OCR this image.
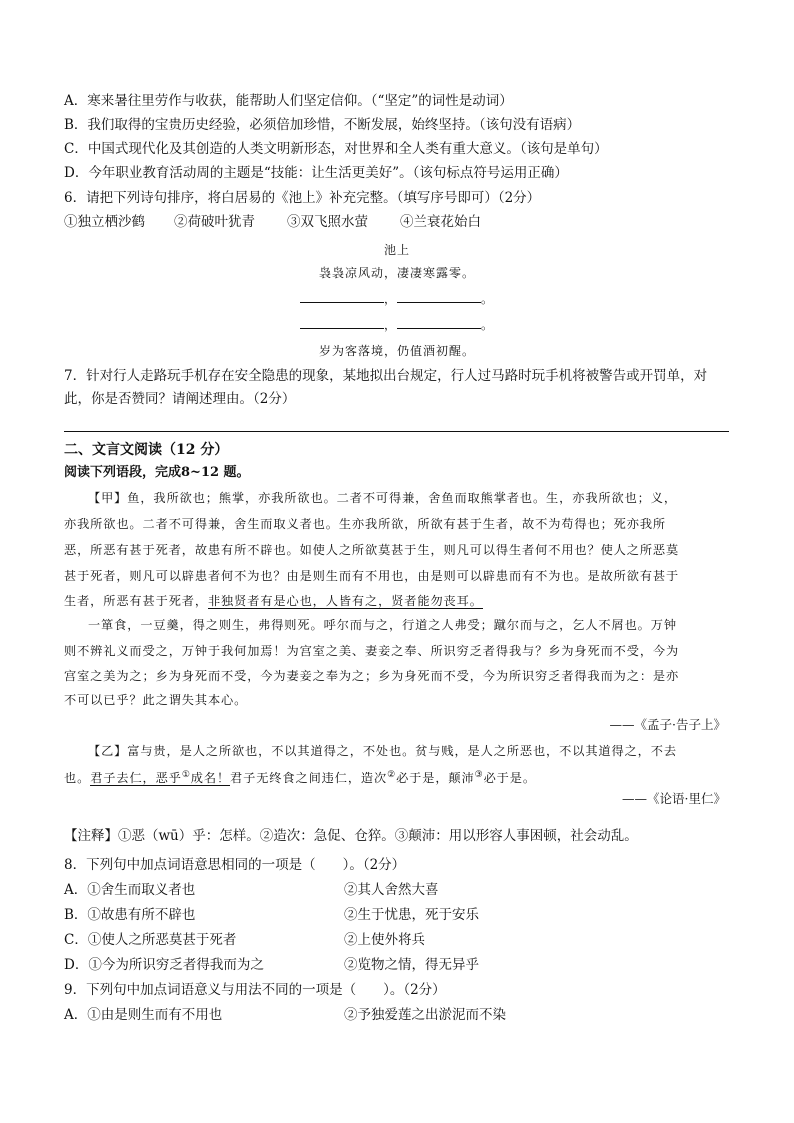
A．寒来暑往里劳作与收获，能帮助人们坚定信仰。（“坚定”的词性是动词）
B．我们取得的宝贵历史经验，必须倍加珍惜，不断发展，始终坚持。（该句没有语病）
C．中国式现代化及其创造的人类文明新形态，对世界和全人类有重大意义。（该句是单句）
D．今年职业教育活动周的主题是“技能：让生活更美好”。（该句标点符号运用正确）
6．请把下列诗句排序，将白居易的《池上》补充完整。（填写序号即可）（2分）
①独立栖沙鹤 ②荷破叶犹青 ③双飞照水萤 ④兰衰花始白
池上
袅袅凉风动，凄凄寒露零。
，	。
，	。
岁为客落境，仍值酒初醒。
7．针对行人走路玩手机存在安全隐患的现象，某地拟出台规定，行人过马路时玩手机将被警告或开罚单，对
此，你是否赞同？请阐述理由。（2分）
二、文言文阅读（12 分）
阅读下列语段，完成8~12 题。
【甲】鱼，我所欲也；熊掌，亦我所欲也。二者不可得兼，舍鱼而取熊掌者也。生，亦我所欲也；义，
亦我所欲也。二者不可得兼，舍生而取义者也。生亦我所欲，所欲有甚于生者，故不为苟得也；死亦我所
恶，所恶有甚于死者，故患有所不辟也。如使人之所欲莫甚于生，则凡可以得生者何不用也？使人之所恶莫
甚于死者，则凡可以辟患者何不为也？由是则生而有不用也，由是则可以辟患而有不为也。是故所欲有甚于
生者，所恶有甚于死者，非独贤者有是心也，人皆有之，贤者能勿丧耳。
一箪食，一豆羹，得之则生，弗得则死。呼尔而与之，行道之人弗受；蹴尔而与之，乞人不屑也。万钟
则不辨礼义而受之，万钟于我何加焉！为宫室之美、妻妾之奉、所识穷乏者得我与？乡为身死而不受，今为
宫室之美为之；乡为身死而不受，今为妻妾之奉为之；乡为身死而不受，今为所识穷乏者得我而为之：是亦
不可以已乎？此之谓失其本心。
——《孟子·告子上》
【乙】富与贵，是人之所欲也，不以其道得之，不处也。贫与贱，是人之所恶也，不以其道得之，不去
也。君子去仁，恶乎①成名！君子无终食之间违仁，造次②必于是，颠沛③必于是。
——《论语·里仁》
【注释】①恶（wū）乎：怎样。②造次：急促、仓猝。③颠沛：用以形容人事困顿，社会动乱。
8．下列句中加点词语意思相同的一项是（　　）。（2分）
A．①舍生而取义者也	②其人舍然大喜
B．①故患有所不辟也	②生于忧患，死于安乐
C．①使人之所恶莫甚于死者	②上使外将兵
D．①今为所识穷乏者得我而为之	②览物之情，得无异乎
9．下列句中加点词语意义与用法不同的一项是（　　）。（2分）
A．①由是则生而有不用也	②予独爱莲之出淤泥而不染
